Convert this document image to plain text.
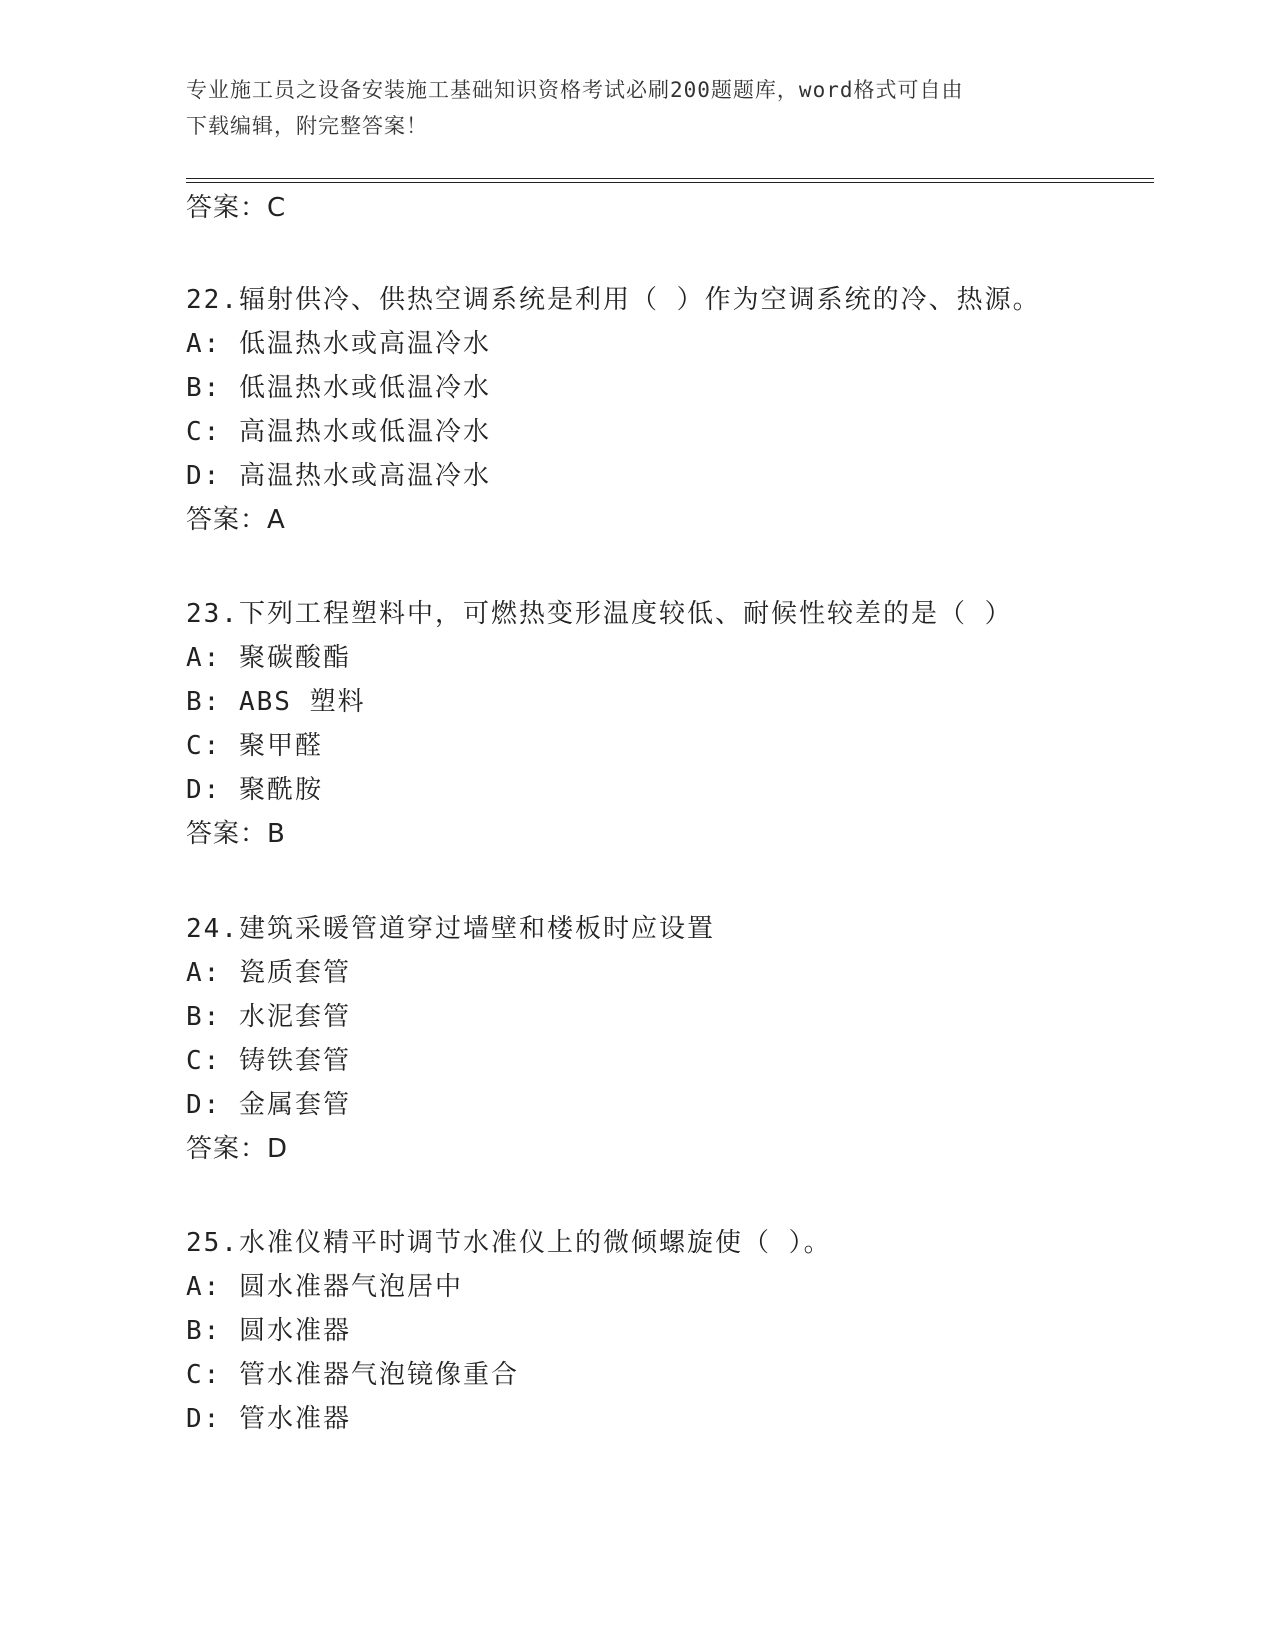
专业施工员之设备安装施工基础知识资格考试必刷200题题库，word格式可自由
下载编辑，附完整答案！
答案：C
22.辐射供冷、供热空调系统是利用（ ）作为空调系统的冷、热源。
A: 低温热水或高温冷水
B: 低温热水或低温冷水
C: 高温热水或低温冷水
D: 高温热水或高温冷水
答案：A
23.下列工程塑料中，可燃热变形温度较低、耐候性较差的是（ ）
A: 聚碳酸酯
B: ABS 塑料
C: 聚甲醛
D: 聚酰胺
答案：B
24.建筑采暖管道穿过墙壁和楼板时应设置
A: 瓷质套管
B: 水泥套管
C: 铸铁套管
D: 金属套管
答案：D
25.水准仪精平时调节水准仪上的微倾螺旋使（ ）。
A: 圆水准器气泡居中
B: 圆水准器
C: 管水准器气泡镜像重合
D: 管水准器
